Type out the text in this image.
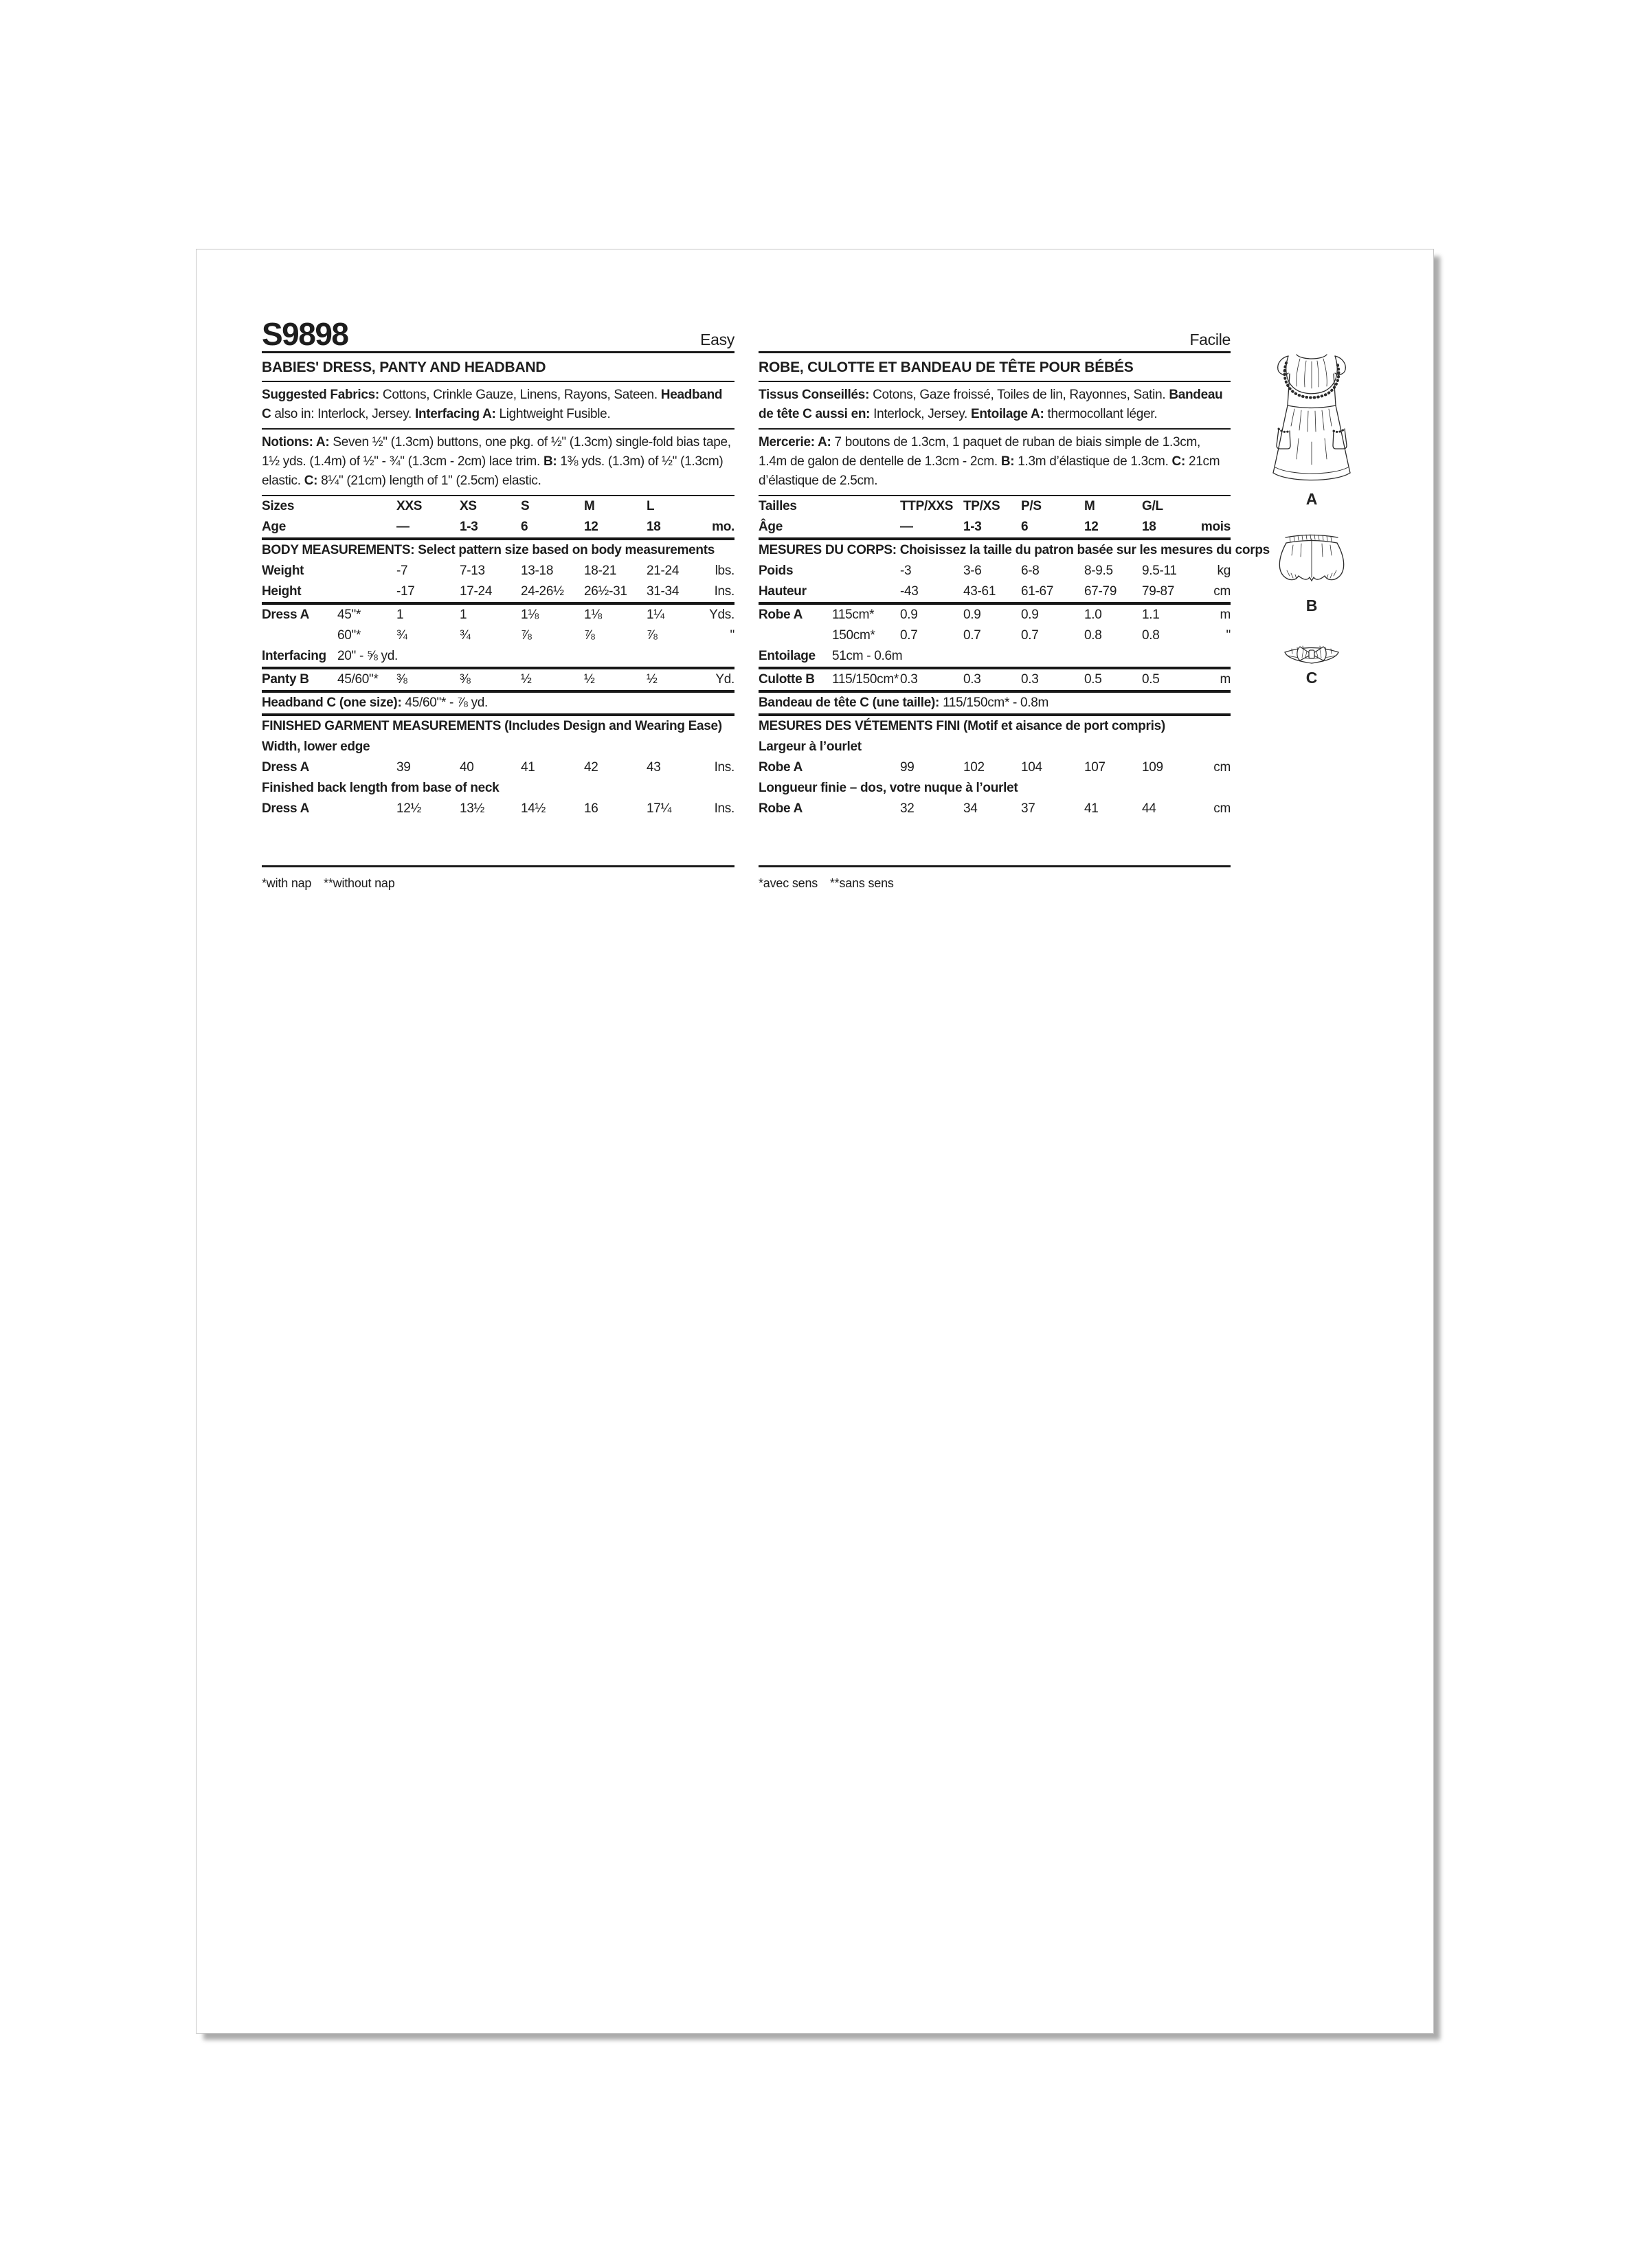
S9898	Easy
BABIES' DRESS, PANTY AND HEADBAND
Suggested Fabrics: Cottons, Crinkle Gauze, Linens, Rayons, Sateen. Headband C also in: Interlock, Jersey. Interfacing A: Lightweight Fusible.
Notions: A: Seven ½" (1.3cm) buttons, one pkg. of ½" (1.3cm) single-fold bias tape, 1½ yds. (1.4m) of ½" - ¾" (1.3cm - 2cm) lace trim. B: 1⅜ yds. (1.3m) of ½" (1.3cm) elastic. C: 8¼" (21cm) length of 1" (2.5cm) elastic.
Sizes	XXS	XS	S	M	L
Age	—	1-3	6	12	18	mo.
BODY MEASUREMENTS: Select pattern size based on body measurements
Weight	-7	7-13	13-18	18-21	21-24	lbs.
Height	-17	17-24	24-26½	26½-31	31-34	Ins.
Dress A	45"*	1	1	1⅛	1⅛	1¼	Yds.
60"*	¾	¾	⅞	⅞	⅞	"
Interfacing 20" - ⅝ yd.
Panty B	45/60"*	⅜	⅜	½	½	½	Yd.
Headband C (one size): 45/60"* - ⅞ yd.
FINISHED GARMENT MEASUREMENTS (Includes Design and Wearing Ease)
Width, lower edge
Dress A	39	40	41	42	43	Ins.
Finished back length from base of neck
Dress A	12½	13½	14½	16	17¼	Ins.
*with nap **without nap
Facile
ROBE, CULOTTE ET BANDEAU DE TÊTE POUR BÉBÉS
Tissus Conseillés: Cotons, Gaze froissé, Toiles de lin, Rayonnes, Satin. Bandeau de tête C aussi en: Interlock, Jersey. Entoilage A: thermocollant léger.
Mercerie: A: 7 boutons de 1.3cm, 1 paquet de ruban de biais simple de 1.3cm, 1.4m de galon de dentelle de 1.3cm - 2cm. B: 1.3m d’élastique de 1.3cm. C: 21cm d’élastique de 2.5cm.
Tailles	TTP/XXS TP/XS	P/S	M	G/L
Âge	—	1-3	6	12	18	mois
MESURES DU CORPS: Choisissez la taille du patron basée sur les mesures du corps
Poids	-3	3-6	6-8	8-9.5	9.5-11	kg
Hauteur	-43	43-61	61-67	67-79	79-87	cm
Robe A	115cm*	0.9	0.9	0.9	1.0	1.1	m
150cm*	0.7	0.7	0.7	0.8	0.8	"
Entoilage	51cm - 0.6m
Culotte B	115/150cm* 0.3	0.3	0.3	0.5	0.5	m
Bandeau de tête C (une taille): 115/150cm* - 0.8m
MESURES DES VÉTEMENTS FINI (Motif et aisance de port compris)
Largeur à l’ourlet
Robe A	99	102	104	107	109	cm
Longueur finie – dos, votre nuque à l’ourlet
Robe A	32	34	37	41	44	cm
*avec sens **sans sens
A
B
C
